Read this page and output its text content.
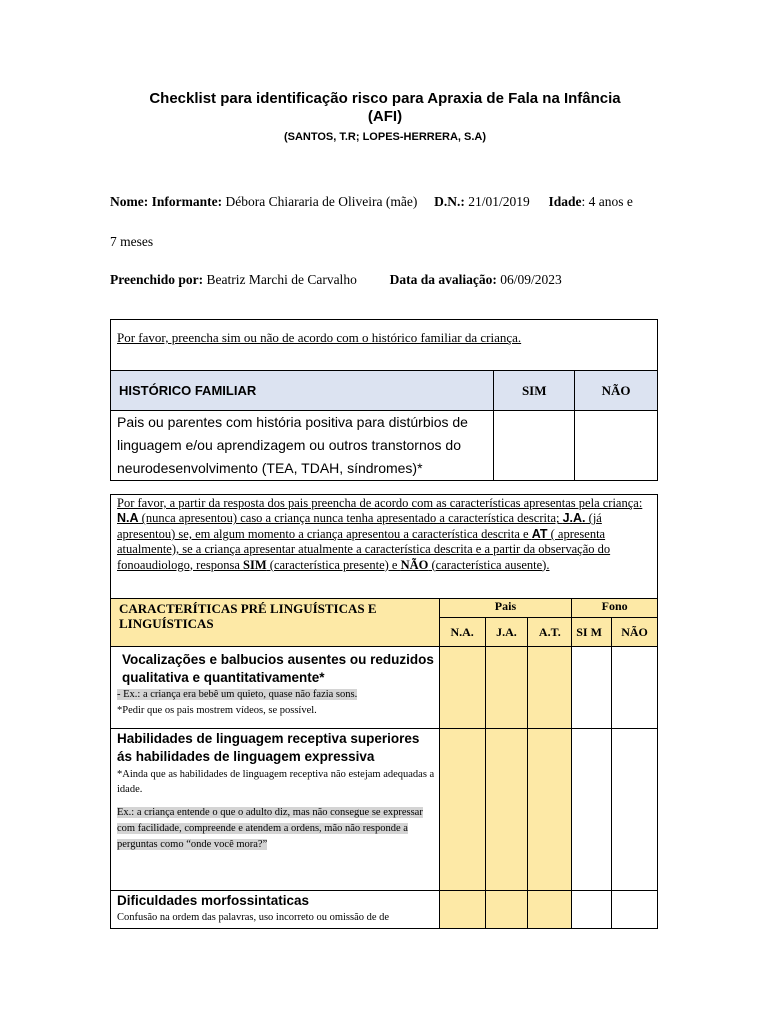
Checklist para identificação risco para Apraxia de Fala na Infância (AFI)
(SANTOS, T.R; LOPES-HERRERA, S.A)
Nome: Informante: Débora Chiararia de Oliveira (mãe) D.N.: 21/01/2019 Idade: 4 anos e
7 meses
Preenchido por: Beatriz Marchi de Carvalho Data da avaliação: 06/09/2023
Por favor, preencha sim ou não de acordo com o histórico familiar da criança.		
HISTÓRICO FAMILIAR	SIM	NÃO
Pais ou parentes com história positiva para distúrbios de linguagem e/ou aprendizagem ou outros transtornos do neurodesenvolvimento (TEA, TDAH, síndromes)*		
Por favor, a partir da resposta dos pais preencha de acordo com as características apresentas pela criança: N.A (nunca apresentou) caso a criança nunca tenha apresentado a característica descrita; J.A. (já apresentou) se, em algum momento a criança apresentou a característica descrita e AT ( apresenta atualmente), se a criança apresentar atualmente a característica descrita e a partir da observação do fonoaudiologo, responsa SIM (característica presente) e NÃO (característica ausente).					
CARACTERÍTICAS PRÉ LINGUÍSTICAS E LINGUÍSTICAS	Pais			Fono	
	N.A.	J.A.	A.T.	SI M	NÃO

Vocalizações e balbucios ausentes ou reduzidos qualitativa e quantitativamente*
- Ex.: a criança era bebê um quieto, quase não fazia sons.
*Pedir que os pais mostrem vídeos, se possível.					

Habilidades de linguagem receptiva superiores ás habilidades de linguagem expressiva
*Ainda que as habilidades de linguagem receptiva não estejam adequadas a idade.
Ex.: a criança entende o que o adulto diz, mas não consegue se expressar com facilidade, compreende e atendem a ordens, mão não responde a perguntas como “onde você mora?”					

Dificuldades morfossintaticas
Confusão na ordem das palavras, uso incorreto ou omissão de de					
